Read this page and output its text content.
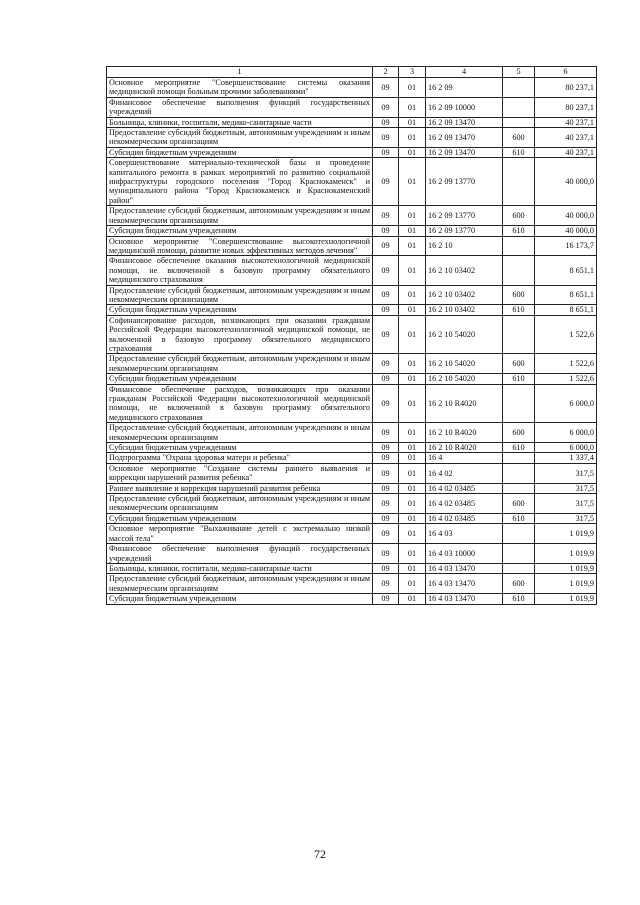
1	2	3	4	5	6
Основное мероприятие "Совершенствование системы оказания медицинской помощи больным прочими заболеваниями"	09	01	16 2 09		80 237,1
Финансовое обеспечение выполнения функций государственных учреждений	09	01	16 2 09 10000		80 237,1
Больницы, клиники, госпитали, медико-санитарные части	09	01	16 2 09 13470		40 237,1
Предоставление субсидий бюджетным, автономным учреждениям и иным некоммерческим организациям	09	01	16 2 09 13470	600	40 237,1
Субсидии бюджетным учреждениям	09	01	16 2 09 13470	610	40 237,1
Совершенствование материально-технической базы и проведение капитального ремонта в рамках мероприятий по развитию социальной инфраструктуры городского поселения "Город Краснокаменск" и муниципального района "Город Краснокаменск и Краснокаменский район"	09	01	16 2 09 13770		40 000,0
Предоставление субсидий бюджетным, автономным учреждениям и иным некоммерческим организациям	09	01	16 2 09 13770	600	40 000,0
Субсидии бюджетным учреждениям	09	01	16 2 09 13770	610	40 000,0
Основное мероприятие "Совершенствование высокотехнологичной медицинской помощи, развитие новых эффективных методов лечения"	09	01	16 2 10		16 173,7
Финансовое обеспечение оказания высокотехнологичной медицинской помощи, не включенной в базовую программу обязательного медицинского страхования	09	01	16 2 10 03402		8 651,1
Предоставление субсидий бюджетным, автономным учреждениям и иным некоммерческим организациям	09	01	16 2 10 03402	600	8 651,1
Субсидии бюджетным учреждениям	09	01	16 2 10 03402	610	8 651,1
Софинансирование расходов, возникающих при оказании гражданам Российской Федерации высокотехнологичной медицинской помощи, не включенной в базовую программу обязательного медицинского страхования	09	01	16 2 10 54020		1 522,6
Предоставление субсидий бюджетным, автономным учреждениям и иным некоммерческим организациям	09	01	16 2 10 54020	600	1 522,6
Субсидии бюджетным учреждениям	09	01	16 2 10 54020	610	1 522,6
Финансовое обеспечение расходов, возникающих при оказании гражданам Российской Федерации высокотехнологичной медицинской помощи, не включенной в базовую программу обязательного медицинского страхования	09	01	16 2 10 R4020		6 000,0
Предоставление субсидий бюджетным, автономным учреждениям и иным некоммерческим организациям	09	01	16 2 10 R4020	600	6 000,0
Субсидии бюджетным учреждениям	09	01	16 2 10 R4020	610	6 000,0
Подпрограмма "Охрана здоровья матери и ребенка"	09	01	16 4		1 337,4
Основное мероприятие "Создание системы раннего выявления и коррекции нарушений развития ребенка"	09	01	16 4 02		317,5
Раннее выявление и коррекция нарушений развития ребенка	09	01	16 4 02 03485		317,5
Предоставление субсидий бюджетным, автономным учреждениям и иным некоммерческим организациям	09	01	16 4 02 03485	600	317,5
Субсидии бюджетным учреждениям	09	01	16 4 02 03485	610	317,5
Основное мероприятие "Выхаживание детей с экстремально низкой массой тела"	09	01	16 4 03		1 019,9
Финансовое обеспечение выполнения функций государственных учреждений	09	01	16 4 03 10000		1 019,9
Больницы, клиники, госпитали, медико-санитарные части	09	01	16 4 03 13470		1 019,9
Предоставление субсидий бюджетным, автономным учреждениям и иным некоммерческим организациям	09	01	16 4 03 13470	600	1 019,9
Субсидии бюджетным учреждениям	09	01	16 4 03 13470	610	1 019,9
72
